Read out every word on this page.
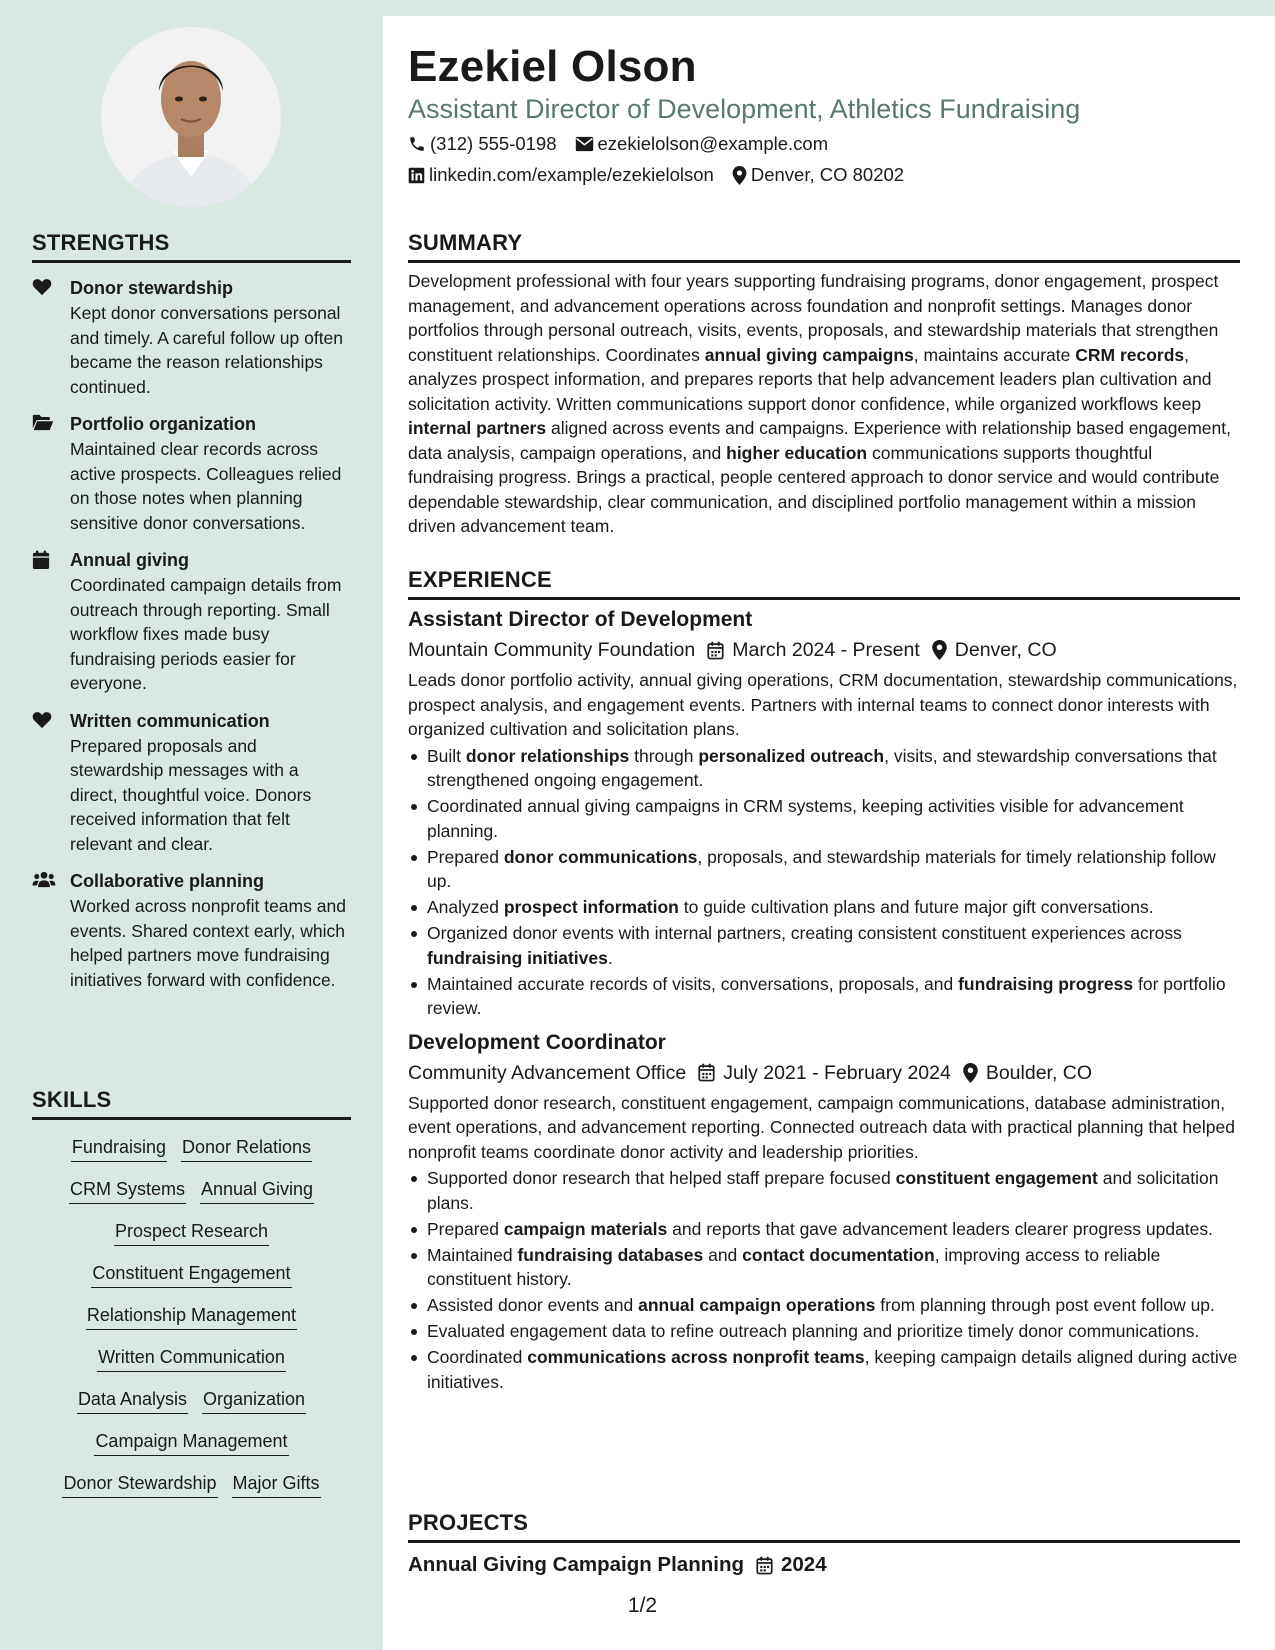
STRENGTHS
Donor stewardship
Kept donor conversations personal and timely. A careful follow up often became the reason relationships continued.
Portfolio organization
Maintained clear records across active prospects. Colleagues relied on those notes when planning sensitive donor conversations.
Annual giving
Coordinated campaign details from outreach through reporting. Small workflow fixes made busy fundraising periods easier for everyone.
Written communication
Prepared proposals and stewardship messages with a direct, thoughtful voice. Donors received information that felt relevant and clear.
Collaborative planning
Worked across nonprofit teams and events. Shared context early, which helped partners move fundraising initiatives forward with confidence.
SKILLS
Fundraising Donor Relations
CRM Systems Annual Giving
Prospect Research
Constituent Engagement
Relationship Management
Written Communication
Data Analysis Organization
Campaign Management
Donor Stewardship Major Gifts
Ezekiel Olson
Assistant Director of Development, Athletics Fundraising
(312) 555-0198 ezekielolson@example.com
linkedin.com/example/ezekielolson Denver, CO 80202
SUMMARY
Development professional with four years supporting fundraising programs, donor engagement, prospect management, and advancement operations across foundation and nonprofit settings. Manages donor portfolios through personal outreach, visits, events, proposals, and stewardship materials that strengthen constituent relationships. Coordinates annual giving campaigns, maintains accurate CRM records, analyzes prospect information, and prepares reports that help advancement leaders plan cultivation and solicitation activity. Written communications support donor confidence, while organized workflows keep internal partners aligned across events and campaigns. Experience with relationship based engagement, data analysis, campaign operations, and higher education communications supports thoughtful fundraising progress. Brings a practical, people centered approach to donor service and would contribute dependable stewardship, clear communication, and disciplined portfolio management within a mission driven advancement team.
EXPERIENCE
Assistant Director of Development
Mountain Community Foundation March 2024 - Present Denver, CO
Leads donor portfolio activity, annual giving operations, CRM documentation, stewardship communications, prospect analysis, and engagement events. Partners with internal teams to connect donor interests with organized cultivation and solicitation plans.
Built donor relationships through personalized outreach, visits, and stewardship conversations that strengthened ongoing engagement.
Coordinated annual giving campaigns in CRM systems, keeping activities visible for advancement planning.
Prepared donor communications, proposals, and stewardship materials for timely relationship follow up.
Analyzed prospect information to guide cultivation plans and future major gift conversations.
Organized donor events with internal partners, creating consistent constituent experiences across fundraising initiatives.
Maintained accurate records of visits, conversations, proposals, and fundraising progress for portfolio review.
Development Coordinator
Community Advancement Office July 2021 - February 2024 Boulder, CO
Supported donor research, constituent engagement, campaign communications, database administration, event operations, and advancement reporting. Connected outreach data with practical planning that helped nonprofit teams coordinate donor activity and leadership priorities.
Supported donor research that helped staff prepare focused constituent engagement and solicitation plans.
Prepared campaign materials and reports that gave advancement leaders clearer progress updates.
Maintained fundraising databases and contact documentation, improving access to reliable constituent history.
Assisted donor events and annual campaign operations from planning through post event follow up.
Evaluated engagement data to refine outreach planning and prioritize timely donor communications.
Coordinated communications across nonprofit teams, keeping campaign details aligned during active initiatives.
PROJECTS
Annual Giving Campaign Planning 2024
1/2
